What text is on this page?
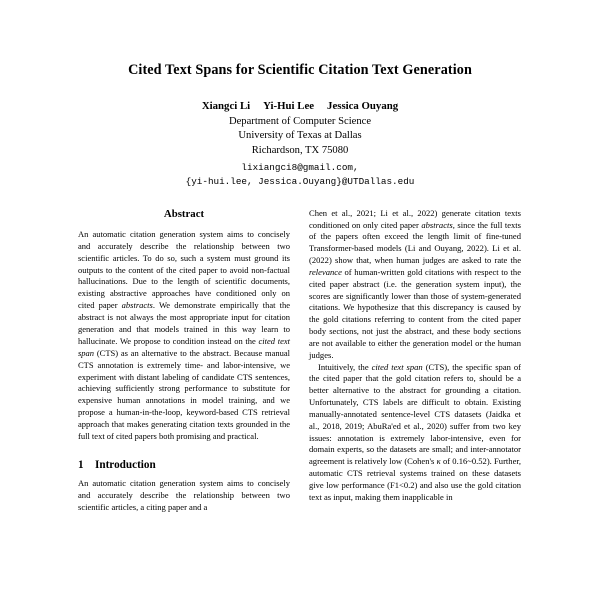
Cited Text Spans for Scientific Citation Text Generation
Xiangci Li Yi-Hui Lee Jessica Ouyang
Department of Computer Science
University of Texas at Dallas
Richardson, TX 75080
lixiangci8@gmail.com,
{yi-hui.lee, Jessica.Ouyang}@UTDallas.edu
Abstract

An automatic citation generation system aims to concisely and accurately describe the relationship between two scientific articles. To do so, such a system must ground its outputs to the content of the cited paper to avoid non-factual hallucinations. Due to the length of scientific documents, existing abstractive approaches have conditioned only on cited paper abstracts. We demonstrate empirically that the abstract is not always the most appropriate input for citation generation and that models trained in this way learn to hallucinate. We propose to condition instead on the cited text span (CTS) as an alternative to the abstract. Because manual CTS annotation is extremely time- and labor-intensive, we experiment with distant labeling of candidate CTS sentences, achieving sufficiently strong performance to substitute for expensive human annotations in model training, and we propose a human-in-the-loop, keyword-based CTS retrieval approach that makes generating citation texts grounded in the full text of cited papers both promising and practical.

1	Introduction

An automatic citation generation system aims to concisely and accurately describe the relationship between two scientific articles, a citing paper and a

Chen et al., 2021; Li et al., 2022) generate citation texts conditioned on only cited paper abstracts, since the full texts of the papers often exceed the length limit of fine-tuned Transformer-based models (Li and Ouyang, 2022). Li et al. (2022) show that, when human judges are asked to rate the relevance of human-written gold citations with respect to the cited paper abstract (i.e. the generation system input), the scores are significantly lower than those of system-generated citations. We hypothesize that this discrepancy is caused by the gold citations referring to content from the cited paper body sections, not just the abstract, and these body sections are not available to either the generation model or the human judges.

Intuitively, the cited text span (CTS), the specific span of the cited paper that the gold citation refers to, should be a better alternative to the abstract for grounding a citation. Unfortunately, CTS labels are difficult to obtain. Existing manually-annotated sentence-level CTS datasets (Jaidka et al., 2018, 2019; AbuRa'ed et al., 2020) suffer from two key issues: annotation is extremely labor-intensive, even for domain experts, so the datasets are small; and inter-annotator agreement is relatively low (Cohen's κ of 0.16~0.52). Further, automatic CTS retrieval systems trained on these datasets give low performance (F1<0.2) and also use the gold citation text as input, making them inapplicable in
